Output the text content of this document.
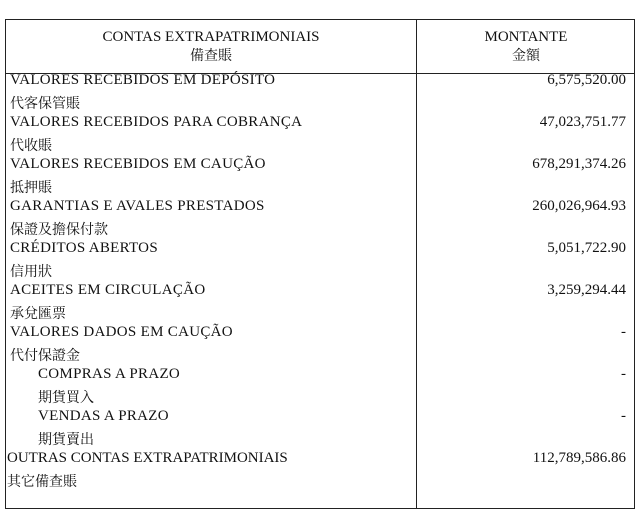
CONTAS EXTRAPATRIMONIAIS
備查賬
MONTANTE
金額
VALORES RECEBIDOS EM DEPÓSITO
代客保管賬
6,575,520.00
VALORES RECEBIDOS PARA COBRANÇA
代收賬
47,023,751.77
VALORES RECEBIDOS EM CAUÇÃO
抵押賬
678,291,374.26
GARANTIAS E AVALES PRESTADOS
保證及擔保付款
260,026,964.93
CRÉDITOS ABERTOS
信用狀
5,051,722.90
ACEITES EM CIRCULAÇÃO
承兌匯票
3,259,294.44
VALORES DADOS EM CAUÇÃO
代付保證金
-
COMPRAS A PRAZO
期貨買入
-
VENDAS A PRAZO
期貨賣出
-
OUTRAS CONTAS EXTRAPATRIMONIAIS
其它備查賬
112,789,586.86
